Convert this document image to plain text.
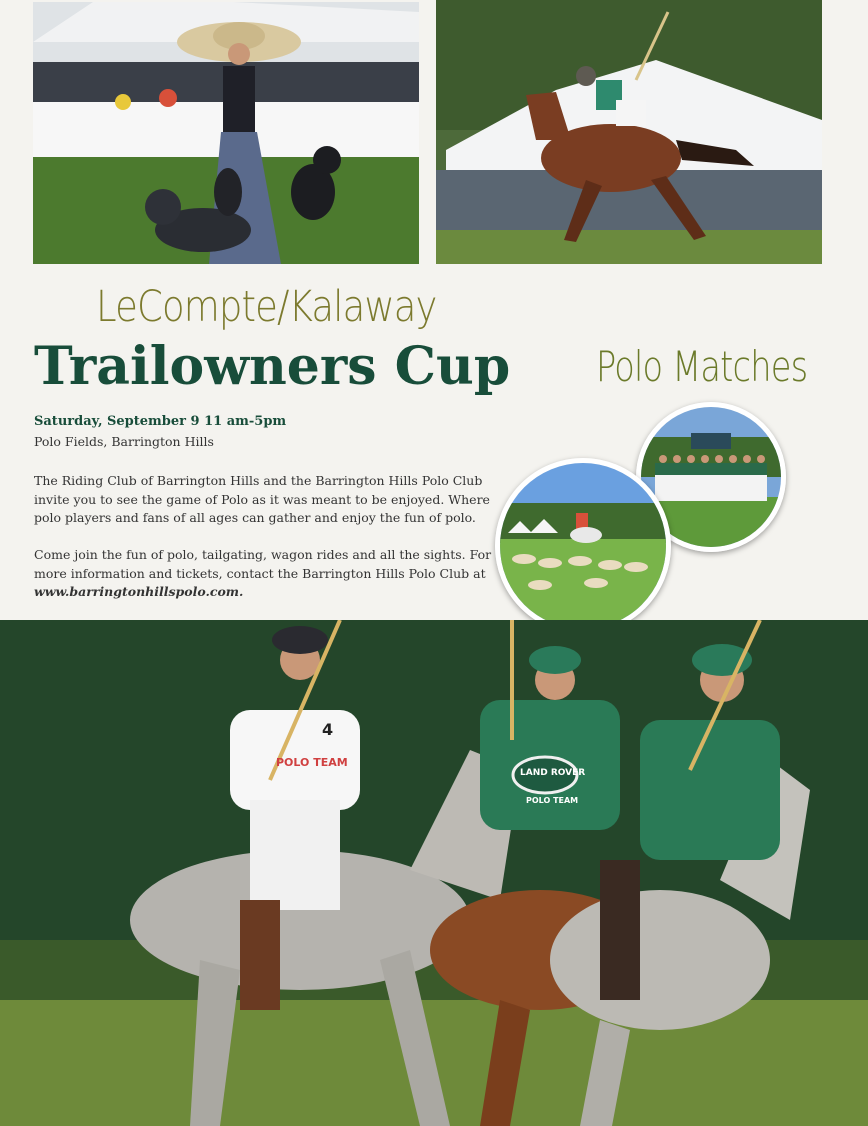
LeCompte/Kalaway
Trailowners Cup Polo Matches
Saturday, September 9 11 am-5pm
Polo Fields, Barrington Hills
The Riding Club of Barrington Hills and the Barrington Hills Polo Club
invite you to see the game of Polo as it was meant to be enjoyed. Where
polo players and fans of all ages can gather and enjoy the fun of polo.
Come join the fun of polo, tailgating, wagon rides and all the sights. For
more information and tickets, contact the Barrington Hills Polo Club at
www.barringtonhillspolo.com.
4
POLO TEAM
LAND ROVER
POLO TEAM
